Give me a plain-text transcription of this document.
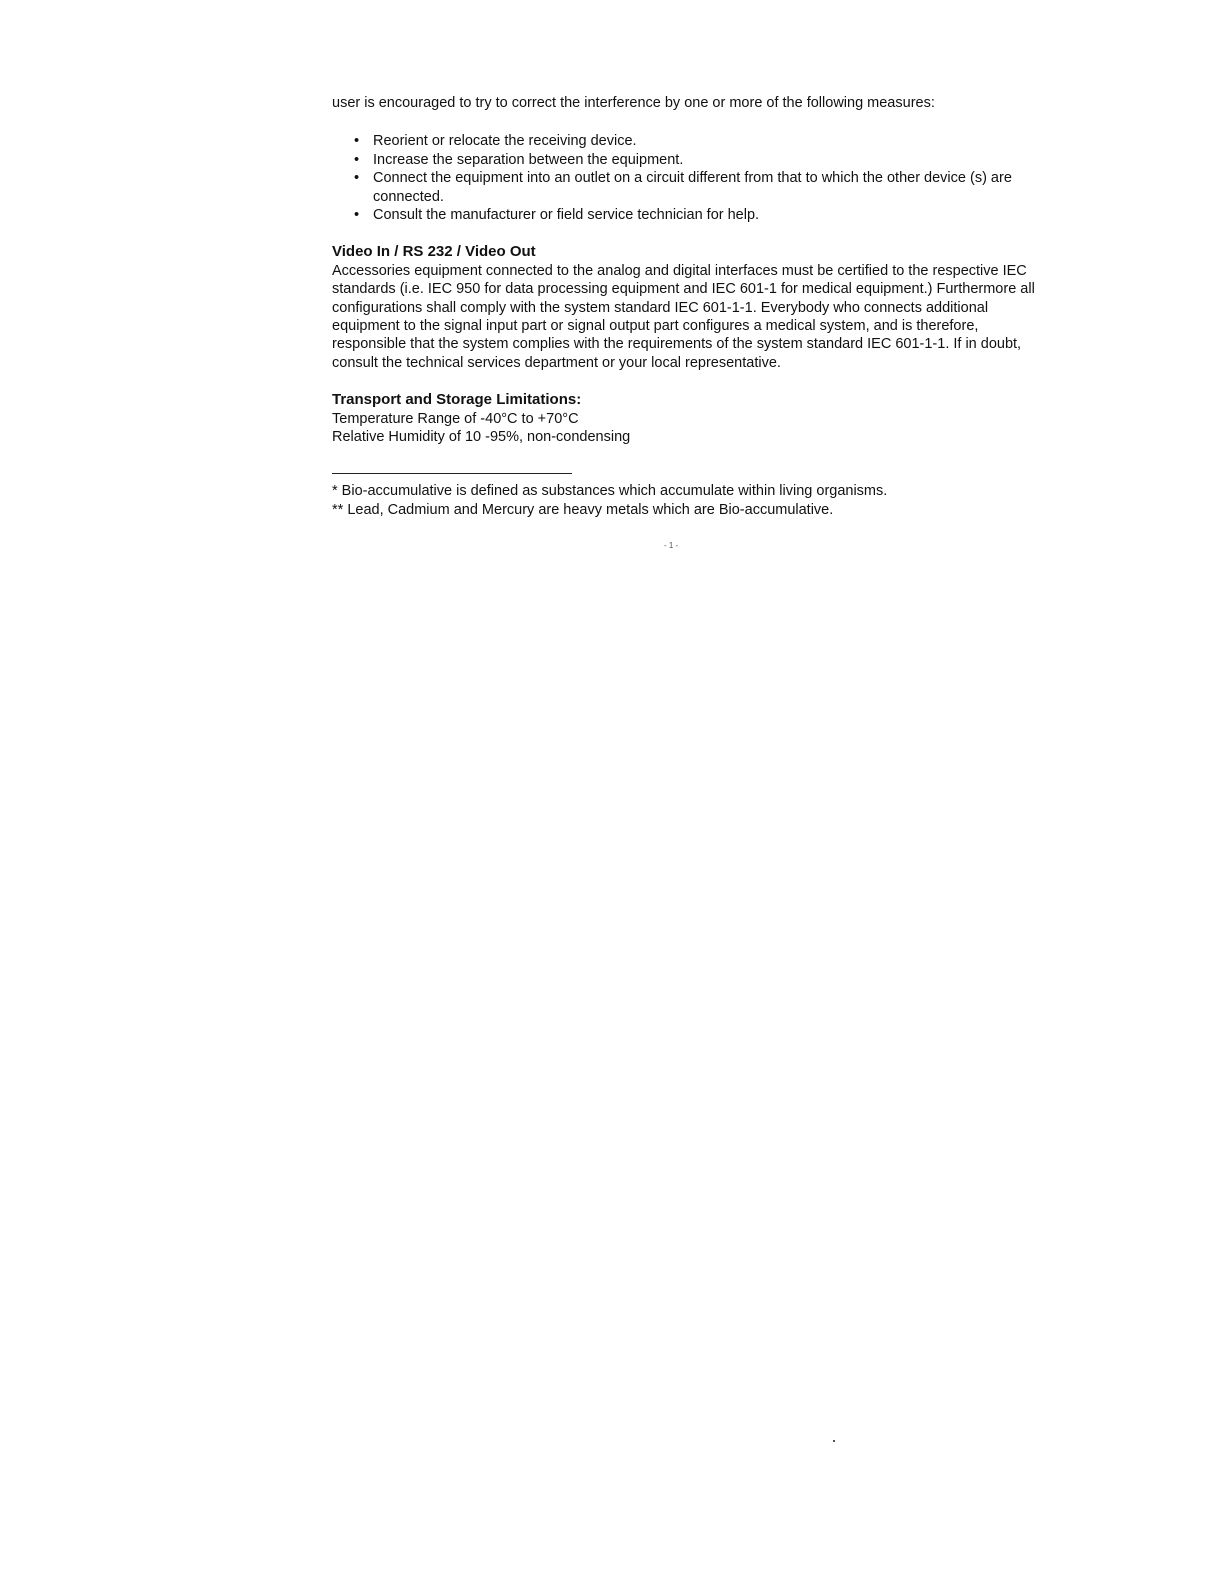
user is encouraged to try to correct the interference by one or more of the following measures:

• Reorient or relocate the receiving device.
• Increase the separation between the equipment.
• Connect the equipment into an outlet on a circuit different from that to which the other device (s) are connected.
• Consult the manufacturer or field service technician for help.
Video In / RS 232 / Video Out

Accessories equipment connected to the analog and digital interfaces must be certified to the respective IEC standards (i.e. IEC 950 for data processing equipment and IEC 601-1 for medical equipment.) Furthermore all configurations shall comply with the system standard IEC 601-1-1. Everybody who connects additional equipment to the signal input part or signal output part configures a medical system, and is therefore, responsible that the system complies with the requirements of the system standard IEC 601-1-1. If in doubt, consult the technical services department or your local representative.

Transport and Storage Limitations:
Temperature Range of -40°C to +70°C
Relative Humidity of 10 -95%, non-condensing

* Bio-accumulative is defined as substances which accumulate within living organisms.

** Lead, Cadmium and Mercury are heavy metals which are Bio-accumulative.

- 1 -
